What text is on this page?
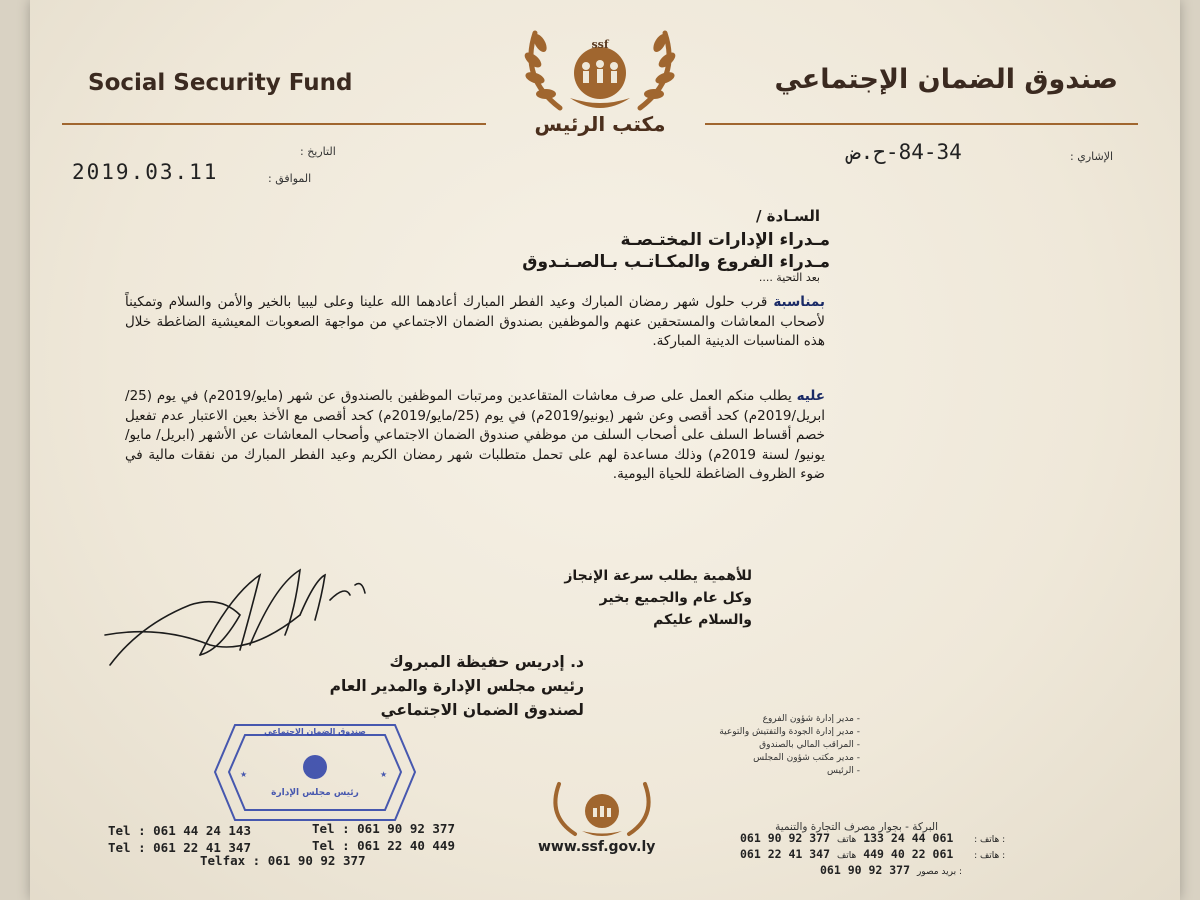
ssf
Social Security Fund	صندوق الضمان الإجتماعي
مكتب الرئيس
التاريخ :
الموافق :
2019.03.11
الإشاري :
84-34-ح.ض
السـادة /
مـدراء الإدارات المختـصـة
مـدراء الفروع والمكـاتـب بـالصـنـدوق
بعد التحية ....
بمناسبة قرب حلول شهر رمضان المبارك وعيد الفطر المبارك أعادهما الله علينا وعلى ليبيا بالخير والأمن والسلام وتمكيناً لأصحاب المعاشات والمستحقين عنهم والموظفين بصندوق الضمان الاجتماعي من مواجهة الصعوبات المعيشية الضاغطة خلال هذه المناسبات الدينية المباركة.
عليه يطلب منكم العمل على صرف معاشات المتقاعدين ومرتبات الموظفين بالصندوق عن شهر (مايو/2019م) في يوم (25/ ابريل/2019م) كحد أقصى وعن شهر (يونيو/2019م) في يوم (25/مايو/2019م) كحد أقصى مع الأخذ بعين الاعتبار عدم تفعيل خصم أقساط السلف على أصحاب السلف من موظفي صندوق الضمان الاجتماعي وأصحاب المعاشات عن الأشهر (ابريل/ مايو/ يونيو/ لسنة 2019م) وذلك مساعدة لهم على تحمل متطلبات شهر رمضان الكريم وعيد الفطر المبارك من نفقات مالية في ضوء الظروف الضاغطة للحياة اليومية.
للأهمية يطلب سرعة الإنجاز
وكل عام والجميع بخير
والسلام عليكم
د. إدريس حفيظة المبروك
رئيس مجلس الإدارة والمدير العام
لصندوق الضمان الاجتماعي
صندوق الضمان الاجتماعي
رئيس مجلس الإدارة
★	★
- مدير إدارة شؤون الفروع
- مدير إدارة الجودة والتفتيش والتوعية
- المراقب المالي بالصندوق
- مدير مكتب شؤون المجلس
- الرئيس
www.ssf.gov.ly
Tel : 061 44 24 143
Tel : 061 22 41 347
Tel : 061 90 92 377
Tel : 061 22 40 449
Telfax : 061 90 92 377
البركة - بجوار مصرف التجارة والتنمية
061 90 92 377	هاتف :   061 44 24 133 هاتف :
061 22 41 347	هاتف :   061 22 40 449 هاتف :
061 90 92 377 بريد مصور :
